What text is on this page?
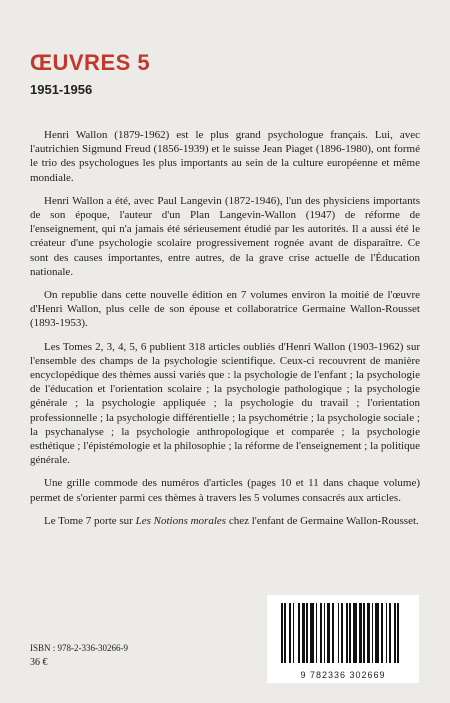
ŒUVRES 5
1951-1956

Henri Wallon (1879-1962) est le plus grand psychologue français. Lui, avec l'autrichien Sigmund Freud (1856-1939) et le suisse Jean Piaget (1896-1980), ont formé le trio des psychologues les plus importants au sein de la culture européenne et même mondiale.

Henri Wallon a été, avec Paul Langevin (1872-1946), l'un des physiciens importants de son époque, l'auteur d'un Plan Langevin-Wallon (1947) de réforme de l'enseignement, qui n'a jamais été sérieusement étudié par les autorités. Il a aussi été le créateur d'une psychologie scolaire progressivement rognée avant de disparaître. Ce sont des causes importantes, entre autres, de la grave crise actuelle de l'Éducation nationale.

On republie dans cette nouvelle édition en 7 volumes environ la moitié de l'œuvre d'Henri Wallon, plus celle de son épouse et collaboratrice Germaine Wallon-Rousset (1893-1953).

Les Tomes 2, 3, 4, 5, 6 publient 318 articles oubliés d'Henri Wallon (1903-1962) sur l'ensemble des champs de la psychologie scientifique. Ceux-ci recouvrent de manière encyclopédique des thèmes aussi variés que : la psychologie de l'enfant ; la psychologie de l'éducation et l'orientation scolaire ; la psychologie pathologique ; la psychologie générale ; la psychologie appliquée ; la psychologie du travail ; l'orientation professionnelle ; la psychologie différentielle ; la psychométrie ; la psychologie sociale ; la psychanalyse ; la psychologie anthropologique et comparée ; la psychologie esthétique ; l'épistémologie et la philosophie ; la réforme de l'enseignement ; la politique générale.

Une grille commode des numéros d'articles (pages 10 et 11 dans chaque volume) permet de s'orienter parmi ces thèmes à travers les 5 volumes consacrés aux articles.

Le Tome 7 porte sur Les Notions morales chez l'enfant de Germaine Wallon-Rousset.

ISBN : 978-2-336-30266-9
36 €
9 782336 302669
